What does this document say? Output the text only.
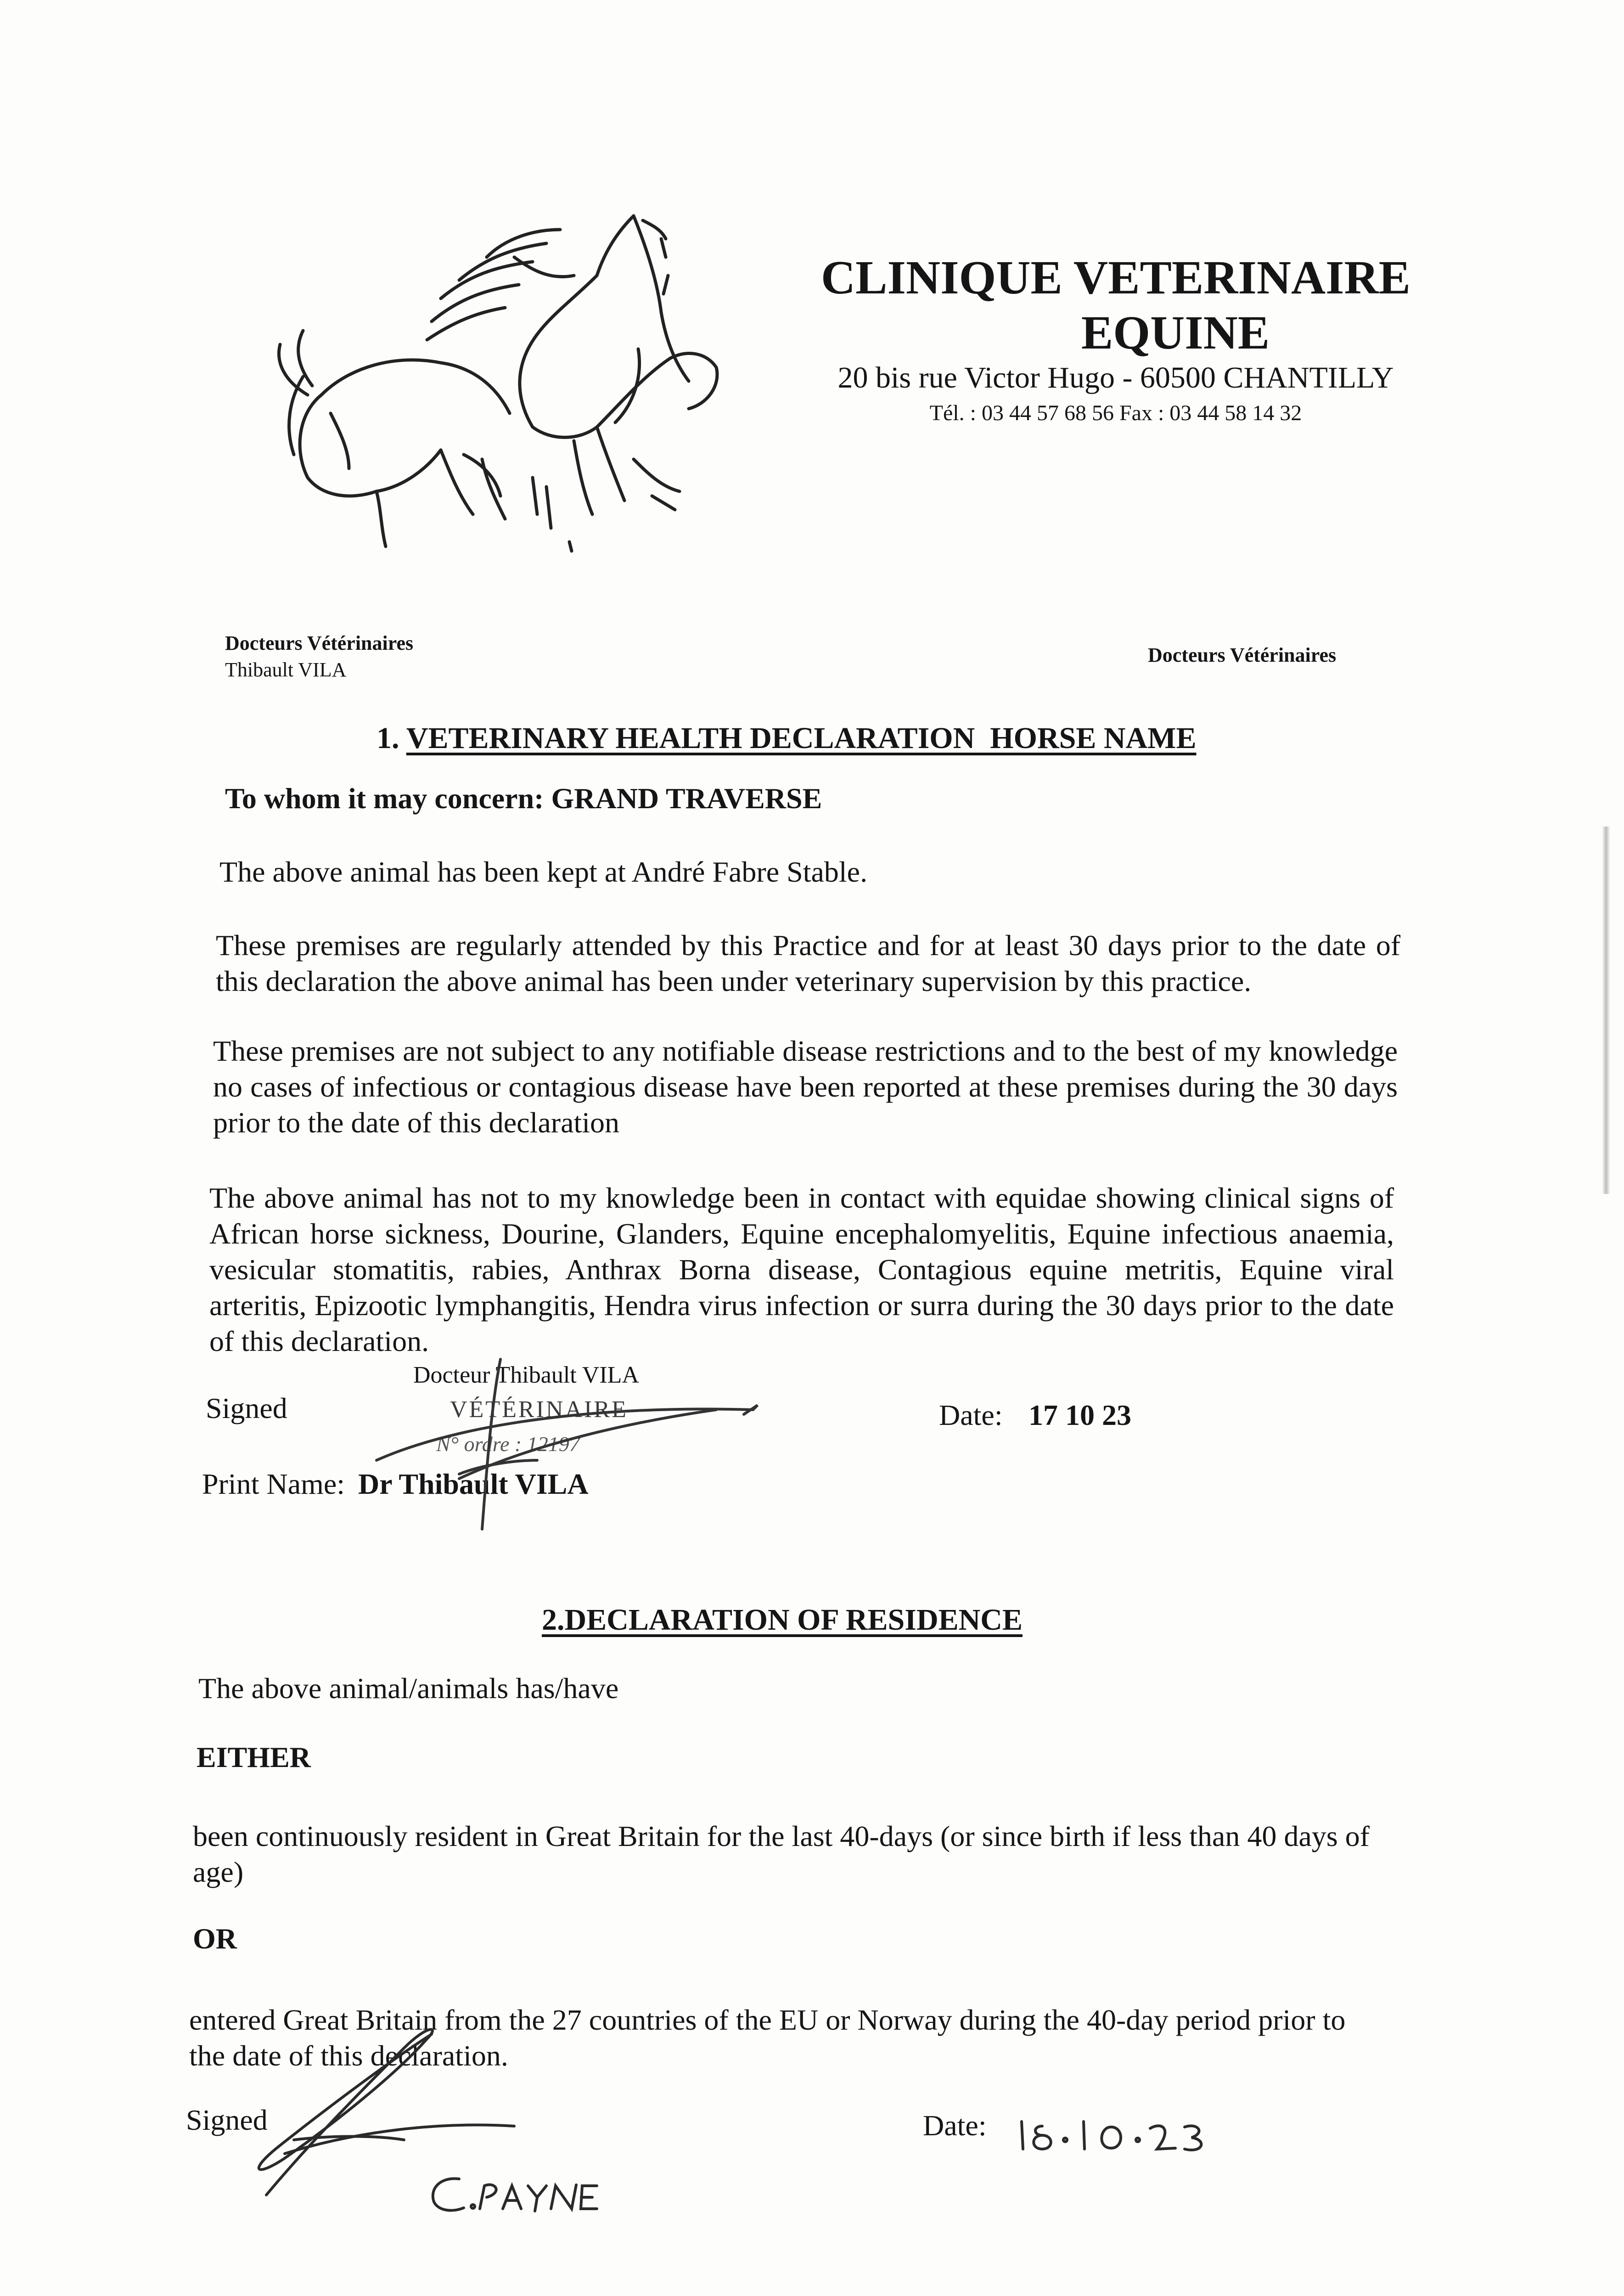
CLINIQUE VETERINAIRE
EQUINE
20 bis rue Victor Hugo - 60500 CHANTILLY
Tél. : 03 44 57 68 56 Fax : 03 44 58 14 32
Docteurs Vétérinaires
Thibault VILA
Docteurs Vétérinaires
1. VETERINARY HEALTH DECLARATION  HORSE NAME
To whom it may concern: GRAND TRAVERSE
The above animal has been kept at André Fabre Stable.
These premises are regularly attended by this Practice and for at least 30 days prior to the date of this declaration the above animal has been under veterinary supervision by this practice.
These premises are not subject to any notifiable disease restrictions and to the best of my knowledge no cases of infectious or contagious disease have been reported at these premises during the 30 days prior to the date of this declaration
The above animal has not to my knowledge been in contact with equidae showing clinical signs of African horse sickness, Dourine, Glanders, Equine encephalomyelitis, Equine infectious anaemia, vesicular stomatitis, rabies, Anthrax Borna disease, Contagious equine metritis, Equine viral arteritis, Epizootic lymphangitis, Hendra virus infection or surra during the 30 days prior to the date of this declaration.
Docteur Thibault VILA
VÉTÉRINAIRE
N° ordre : 12197
Signed	Date: 17 10 23
Print Name: Dr Thibault VILA
2.DECLARATION OF RESIDENCE
The above animal/animals has/have
EITHER
been continuously resident in Great Britain for the last 40-days (or since birth if less than 40 days of age)
OR
entered Great Britain from the 27 countries of the EU or Norway during the 40-day period prior to the date of this declaration.
Signed	Date:
